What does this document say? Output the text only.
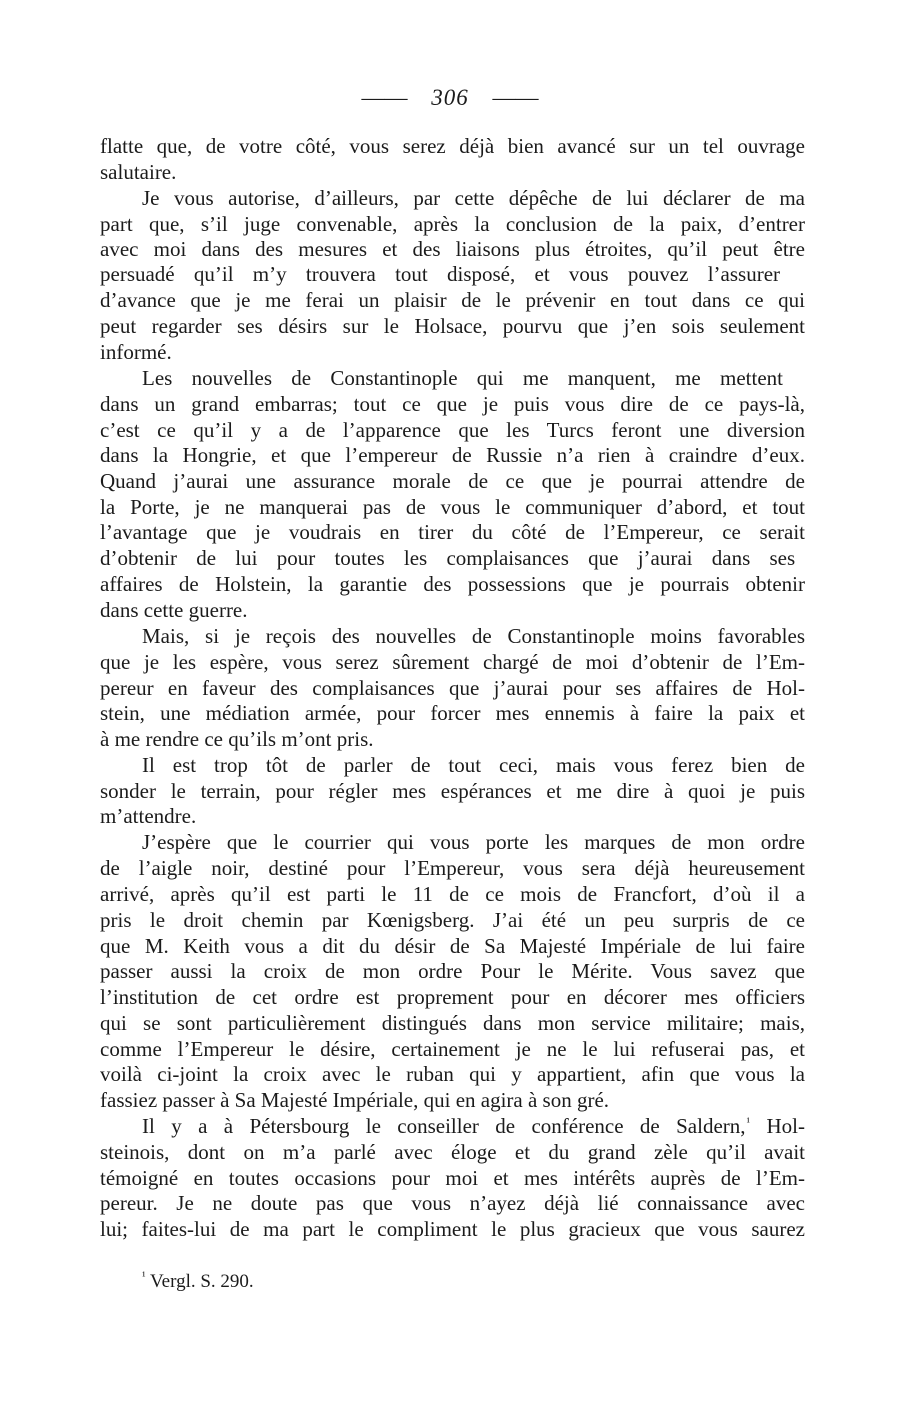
—— 306 ——
flatte que, de votre côté, vous serez déjà bien avancé sur un tel ouvrage
salutaire.
Je vous autorise, d’ailleurs, par cette dépêche de lui déclarer de ma
part que, s’il juge convenable, après la conclusion de la paix, d’entrer
avec moi dans des mesures et des liaisons plus étroites, qu’il peut être
persuadé qu’il m’y trouvera tout disposé, et vous pouvez l’assurer
d’avance que je me ferai un plaisir de le prévenir en tout dans ce qui
peut regarder ses désirs sur le Holsace, pourvu que j’en sois seulement
informé.
Les nouvelles de Constantinople qui me manquent, me mettent
dans un grand embarras; tout ce que je puis vous dire de ce pays-là,
c’est ce qu’il y a de l’apparence que les Turcs feront une diversion
dans la Hongrie, et que l’empereur de Russie n’a rien à craindre d’eux.
Quand j’aurai une assurance morale de ce que je pourrai attendre de
la Porte, je ne manquerai pas de vous le communiquer d’abord, et tout
l’avantage que je voudrais en tirer du côté de l’Empereur, ce serait
d’obtenir de lui pour toutes les complaisances que j’aurai dans ses
affaires de Holstein, la garantie des possessions que je pourrais obtenir
dans cette guerre.
Mais, si je reçois des nouvelles de Constantinople moins favorables
que je les espère, vous serez sûrement chargé de moi d’obtenir de l’Em-
pereur en faveur des complaisances que j’aurai pour ses affaires de Hol-
stein, une médiation armée, pour forcer mes ennemis à faire la paix et
à me rendre ce qu’ils m’ont pris.
Il est trop tôt de parler de tout ceci, mais vous ferez bien de
sonder le terrain, pour régler mes espérances et me dire à quoi je puis
m’attendre.
J’espère que le courrier qui vous porte les marques de mon ordre
de l’aigle noir, destiné pour l’Empereur, vous sera déjà heureusement
arrivé, après qu’il est parti le 11 de ce mois de Francfort, d’où il a
pris le droit chemin par Kœnigsberg. J’ai été un peu surpris de ce
que M. Keith vous a dit du désir de Sa Majesté Impériale de lui faire
passer aussi la croix de mon ordre Pour le Mérite. Vous savez que
l’institution de cet ordre est proprement pour en décorer mes officiers
qui se sont particulièrement distingués dans mon service militaire; mais,
comme l’Empereur le désire, certainement je ne le lui refuserai pas, et
voilà ci-joint la croix avec le ruban qui y appartient, afin que vous la
fassiez passer à Sa Majesté Impériale, qui en agira à son gré.
Il y a à Pétersbourg le conseiller de conférence de Saldern,$^{^1}$ Hol-
steinois, dont on m’a parlé avec éloge et du grand zèle qu’il avait
témoigné en toutes occasions pour moi et mes intérêts auprès de l’Em-
pereur. Je ne doute pas que vous n’ayez déjà lié connaissance avec
lui; faites-lui de ma part le compliment le plus gracieux que vous saurez
$^{^1}$ Vergl. S. 290.
